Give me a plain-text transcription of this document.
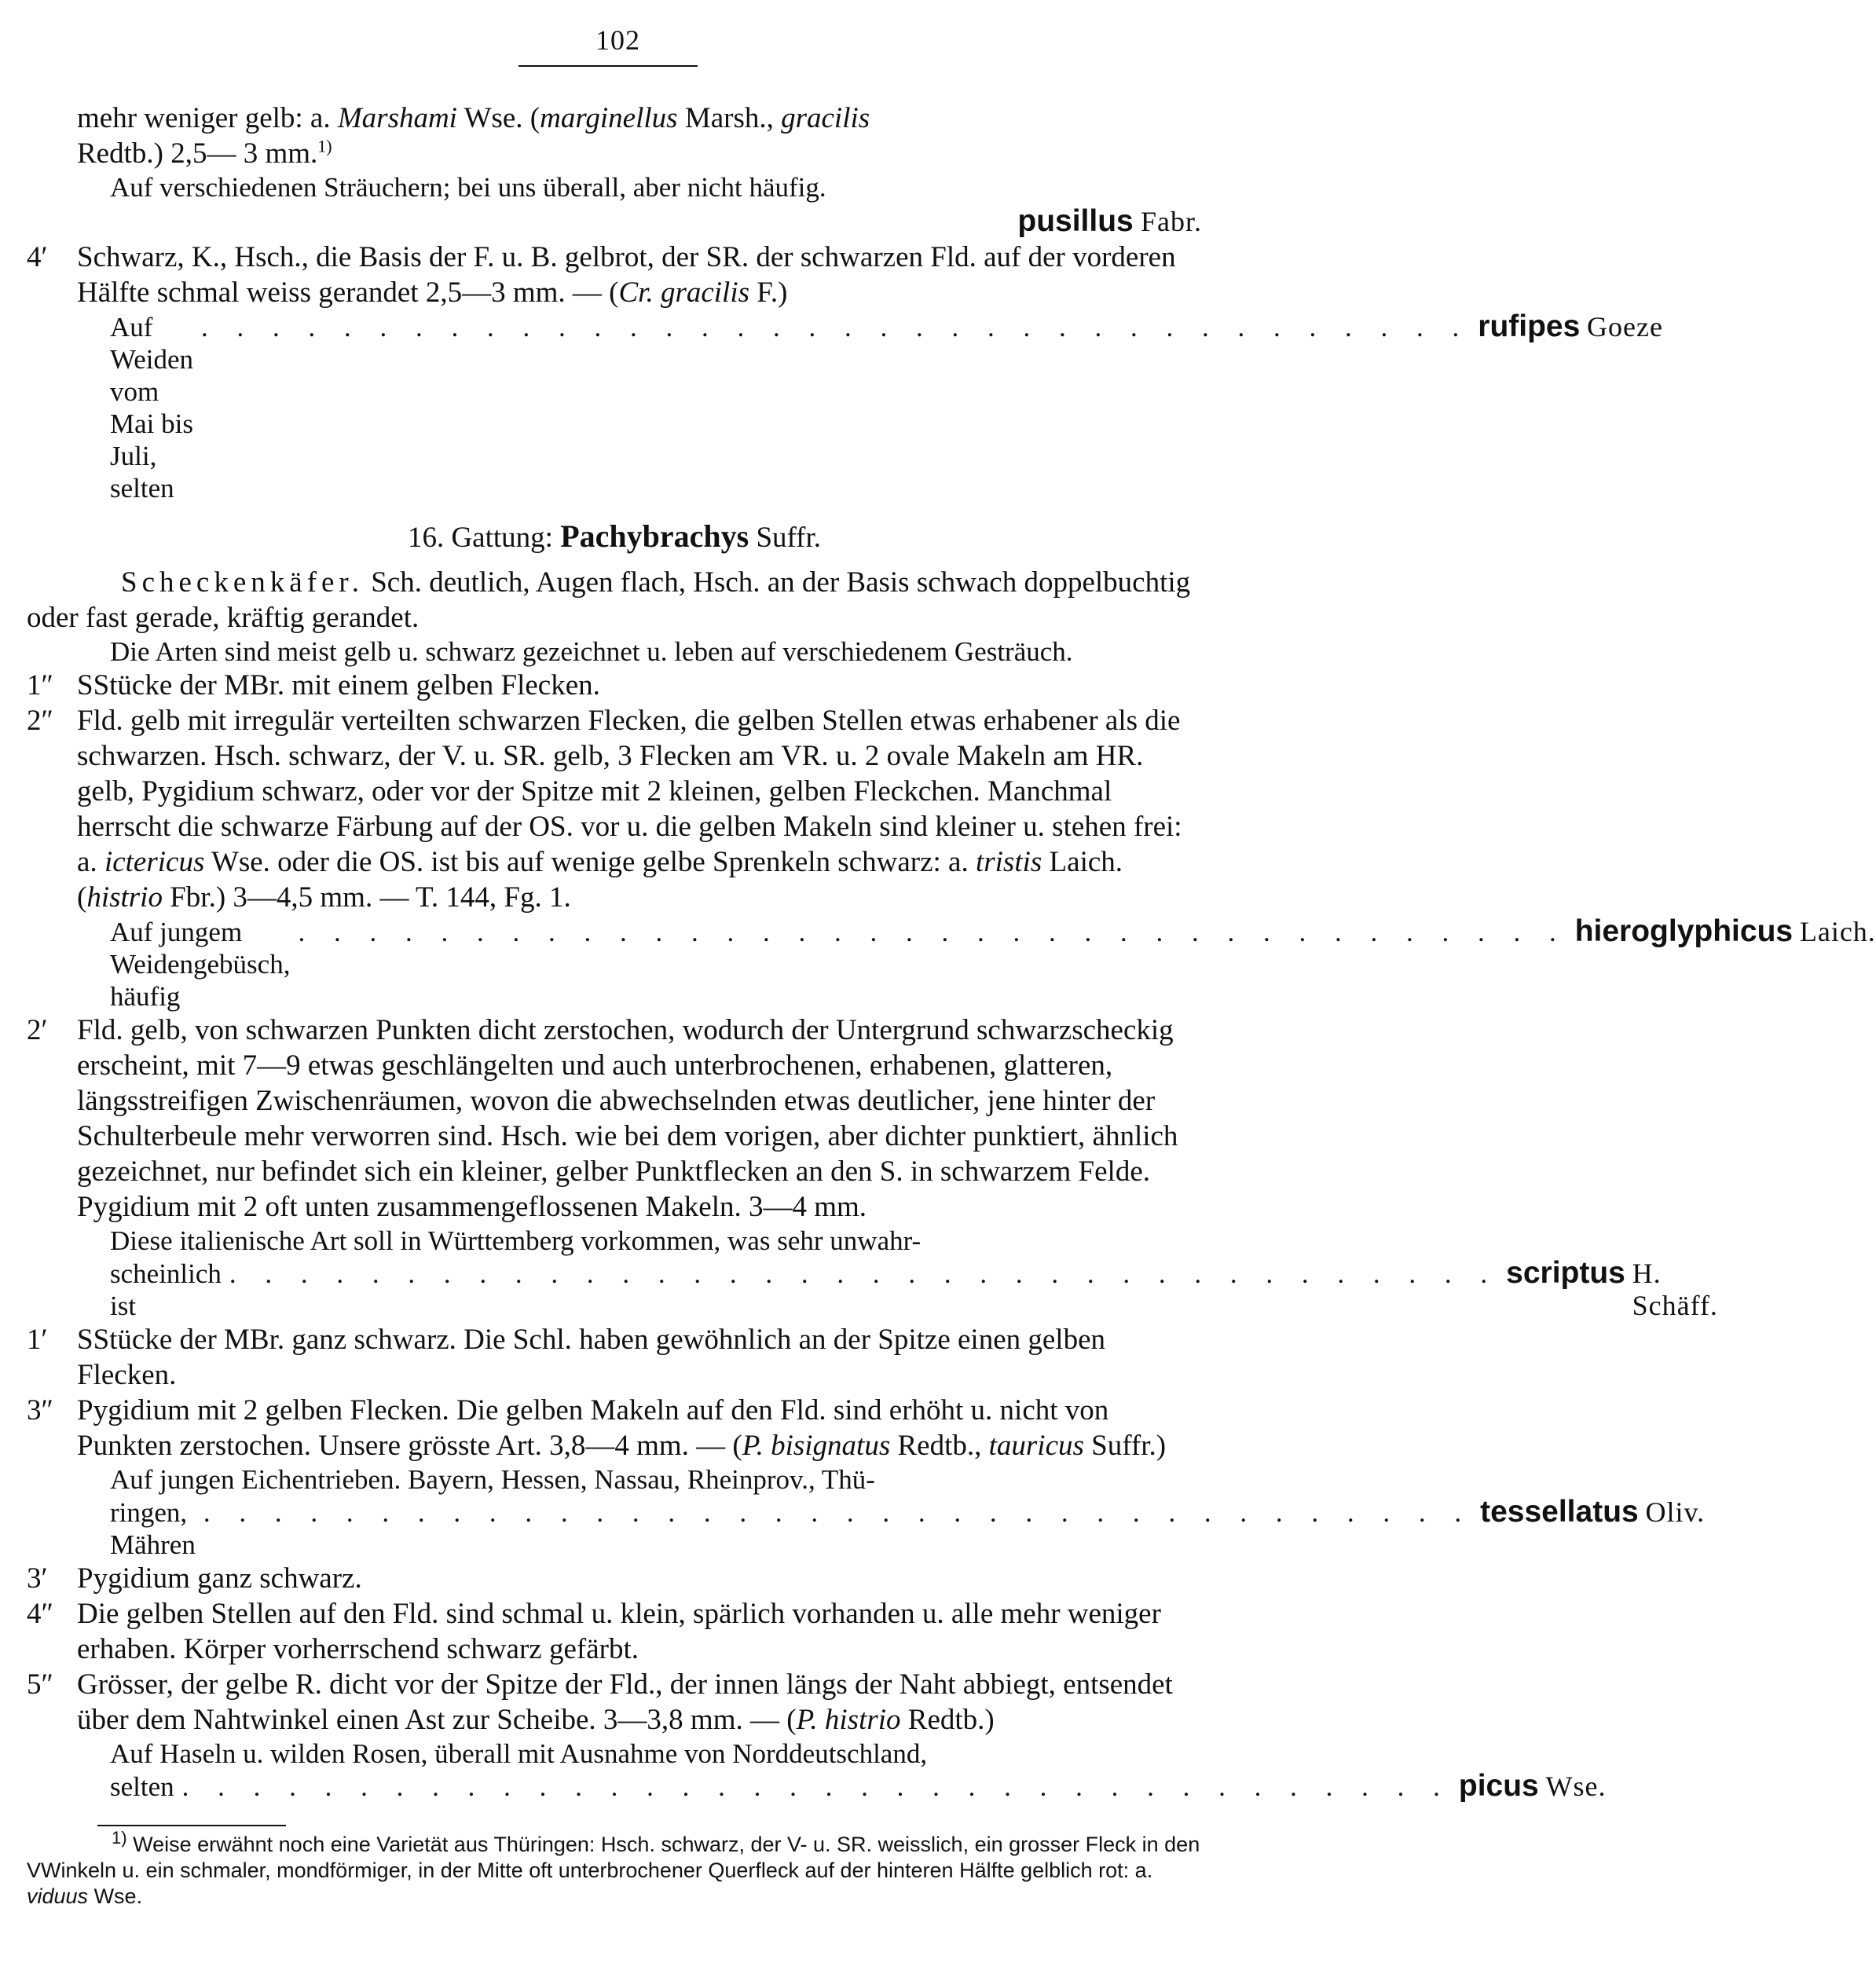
102

mehr weniger gelb: a. Marshami Wse. (marginellus Marsh., gracilis

Redtb.) 2,5— 3 mm.$^{1)}$

Auf verschiedenen Sträuchern; bei uns überall, aber nicht häufig.

pusillus Fabr.

4′ Schwarz, K., Hsch., die Basis der F. u. B. gelbrot, der SR. der schwarzen Fld. auf der vorderen Hälfte schmal weiss gerandet 2,5—3 mm. — (Cr. gracilis F.)
Auf Weiden vom Mai bis Juli, selten
. . . . . . . . . . . . . . . . . . . . . . . . . . . . . . . . . . . . rufipes
Goeze
16. Gattung: Pachybrachys Suffr.

Scheckenkäfer. Sch. deutlich, Augen flach, Hsch. an der Basis schwach doppelbuchtig oder fast gerade, kräftig gerandet.

Die Arten sind meist gelb u. schwarz gezeichnet u. leben auf verschiedenem Gesträuch.

1″ SStücke der MBr. mit einem gelben Flecken.
2″ Fld. gelb mit irregulär verteilten schwarzen Flecken, die gelben Stellen etwas erhabener als die schwarzen. Hsch. schwarz, der V. u. SR. gelb, 3 Flecken am VR. u. 2 ovale Makeln am HR. gelb, Pygidium schwarz, oder vor der Spitze mit 2 kleinen, gelben Fleckchen. Manchmal herrscht die schwarze Färbung auf der OS. vor u. die gelben Makeln sind kleiner u. stehen frei: a. ictericus Wse. oder die OS. ist bis auf wenige gelbe Sprenkeln schwarz: a. tristis Laich. (histrio Fbr.) 3—4,5 mm. — T. 144, Fg. 1.
Auf jungem Weidengebüsch, häufig
. . . . . . . . . . . . . . . . . . . . . . . . . . . . . . . . . . . . hieroglyphicus
Laich.
2′ Fld. gelb, von schwarzen Punkten dicht zerstochen, wodurch der Untergrund schwarzscheckig erscheint, mit 7—9 etwas geschlängelten und auch unterbrochenen, erhabenen, glatteren, längsstreifigen Zwischenräumen, wovon die abwechselnden etwas deutlicher, jene hinter der Schulterbeule mehr verworren sind. Hsch. wie bei dem vorigen, aber dichter punktiert, ähnlich gezeichnet, nur befindet sich ein kleiner, gelber Punktflecken an den S. in schwarzem Felde. Pygidium mit 2 oft unten zusammengeflossenen Makeln. 3—4 mm.

Diese italienische Art soll in Württemberg vorkommen, was sehr unwahr-

scheinlich ist
. . . . . . . . . . . . . . . . . . . . . . . . . . . . . . . . . . . . scriptus
H. Schäff.
1′ SStücke der MBr. ganz schwarz. Die Schl. haben gewöhnlich an der Spitze einen gelben Flecken.
3″ Pygidium mit 2 gelben Flecken. Die gelben Makeln auf den Fld. sind erhöht u. nicht von Punkten zerstochen. Unsere grösste Art. 3,8—4 mm. — (P. bisignatus Redtb., tauricus Suffr.)

Auf jungen Eichentrieben. Bayern, Hessen, Nassau, Rheinprov., Thü-

ringen, Mähren
. . . . . . . . . . . . . . . . . . . . . . . . . . . . . . . . . . . . tessellatus
Oliv.
3′ Pygidium ganz schwarz.
4″ Die gelben Stellen auf den Fld. sind schmal u. klein, spärlich vorhanden u. alle mehr weniger erhaben. Körper vorherrschend schwarz gefärbt.
5″ Grösser, der gelbe R. dicht vor der Spitze der Fld., der innen längs der Naht abbiegt, entsendet über dem Nahtwinkel einen Ast zur Scheibe. 3—3,8 mm. — (P. histrio Redtb.)

Auf Haseln u. wilden Rosen, überall mit Ausnahme von Norddeutschland,

selten . . . . . . . . . . . . . . . . . . . . . . . . . . . . . . . . . . . . picus
Wse.
$^{1)}$ Weise erwähnt noch eine Varietät aus Thüringen: Hsch. schwarz, der V- u. SR. weisslich, ein grosser Fleck in den VWinkeln u. ein schmaler, mondförmiger, in der Mitte oft unterbrochener Querfleck auf der hinteren Hälfte gelblich rot: a. viduus Wse.
